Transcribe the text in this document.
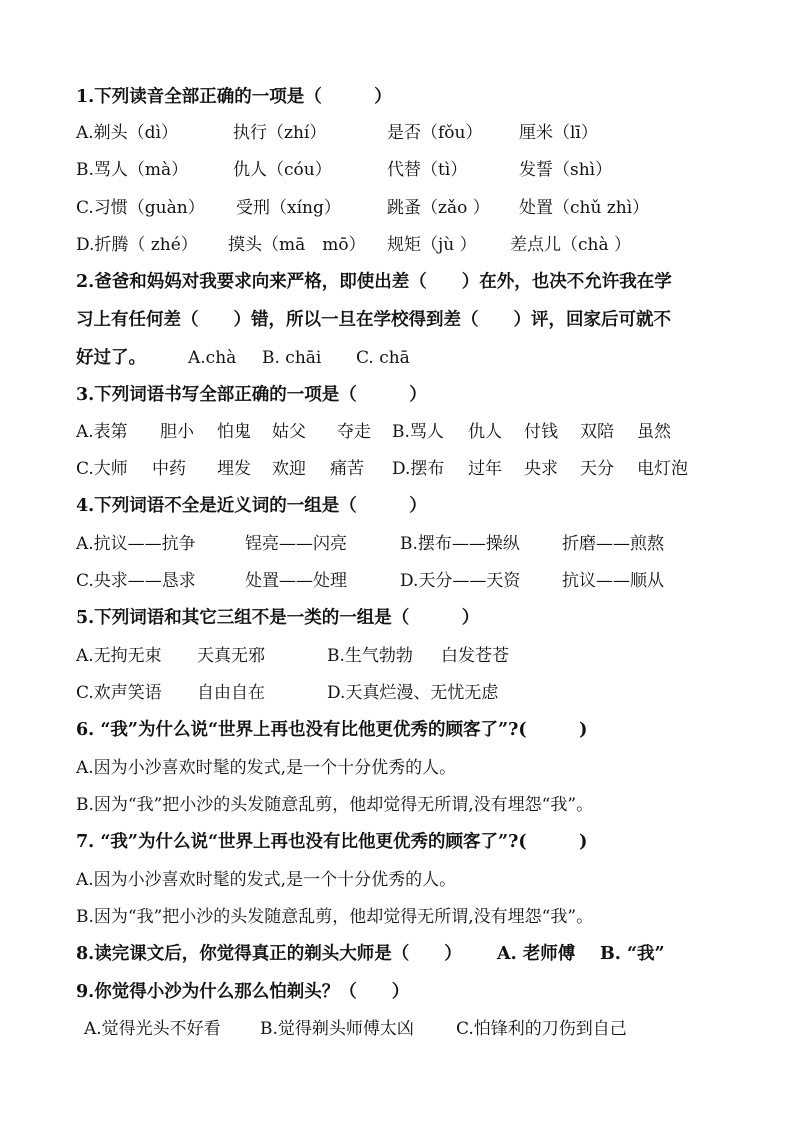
1.下列读音全部正确的一项是（　　　）
A.剃头（dì）	执行（zhí）	是否（fǒu） 厘米（lī）
B.骂人（mà）	仇人（cóu）	代替（tì）	发誓（shì）
C.习惯（guàn） 受刑（xíng）	跳蚤（zǎo ） 处置（chǔ zhì）
D.折腾（ zhé） 摸头（mā　mō） 规矩（jù ） 差点儿（chà ）
2.爸爸和妈妈对我要求向来严格，即使出差（　　）在外，也决不允许我在学
习上有任何差（　　）错，所以一旦在学校得到差（　　）评，回家后可就不
好过了。 A.chà B. chāi C. chā
3.下列词语书写全部正确的一项是（　　　）
A.表第 胆小 怕鬼 姑父 夺走 B.骂人 仇人 付钱 双陪 虽然
C.大师 中药 埋发 欢迎 痛苦 D.摆布 过年 央求 天分 电灯泡
4.下列词语不全是近义词的一组是（　　　）
A.抗议——抗争	锃亮——闪亮	B.摆布——操纵 折磨——煎熬
C.央求——恳求	处置——处理	D.天分——天资 抗议——顺从
5.下列词语和其它三组不是一类的一组是（　　　）
A.无拘无束 天真无邪	B.生气勃勃 白发苍苍
C.欢声笑语 自由自在	D.天真烂漫、无忧无虑
6. “我”为什么说“世界上再也没有比他更优秀的顾客了”?(　　　)
A.因为小沙喜欢时髦的发式,是一个十分优秀的人。
B.因为“我”把小沙的头发随意乱剪，他却觉得无所谓,没有埋怨“我”。
7. “我”为什么说“世界上再也没有比他更优秀的顾客了”?(　　　)
A.因为小沙喜欢时髦的发式,是一个十分优秀的人。
B.因为“我”把小沙的头发随意乱剪，他却觉得无所谓,没有埋怨“我”。
8.读完课文后，你觉得真正的剃头大师是（　　） A. 老师傅 B. “我”
9.你觉得小沙为什么那么怕剃头？（　　）
A.觉得光头不好看 B.觉得剃头师傅太凶 C.怕锋利的刀伤到自己
